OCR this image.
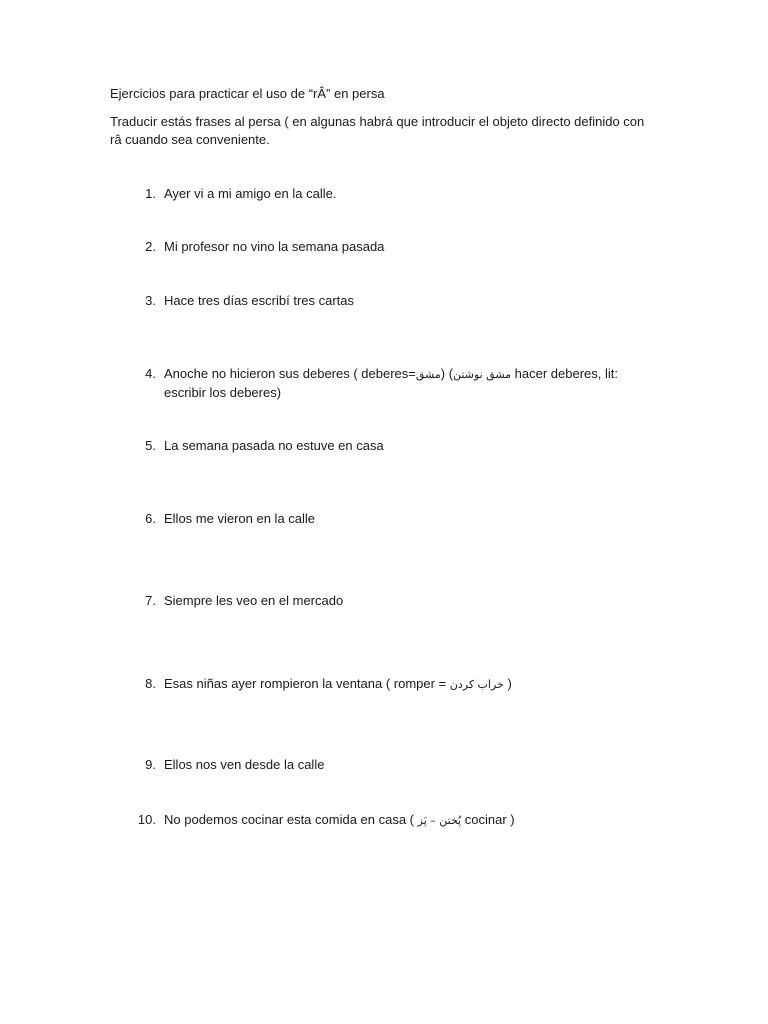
Ejercicios para practicar el uso de “rÂ” en persa
Traducir estás frases al persa ( en algunas habrá que introducir el objeto directo definido con râ cuando sea conveniente.
1. Ayer vi a mi amigo en la calle.
2. Mi profesor no vino la semana pasada
3. Hace tres días escribí tres cartas
4. Anoche no hicieron sus deberes ( deberes=مشق) (مشق نوشتن hacer deberes, lit: escribir los deberes)
5. La semana pasada no estuve en casa
6. Ellos me vieron en la calle
7. Siempre les veo en el mercado
8. Esas niñas ayer rompieron la ventana ( romper = خراب کردن )
9. Ellos nos ven desde la calle
10. No podemos cocinar esta comida en casa ( پُختن – پَز cocinar )
